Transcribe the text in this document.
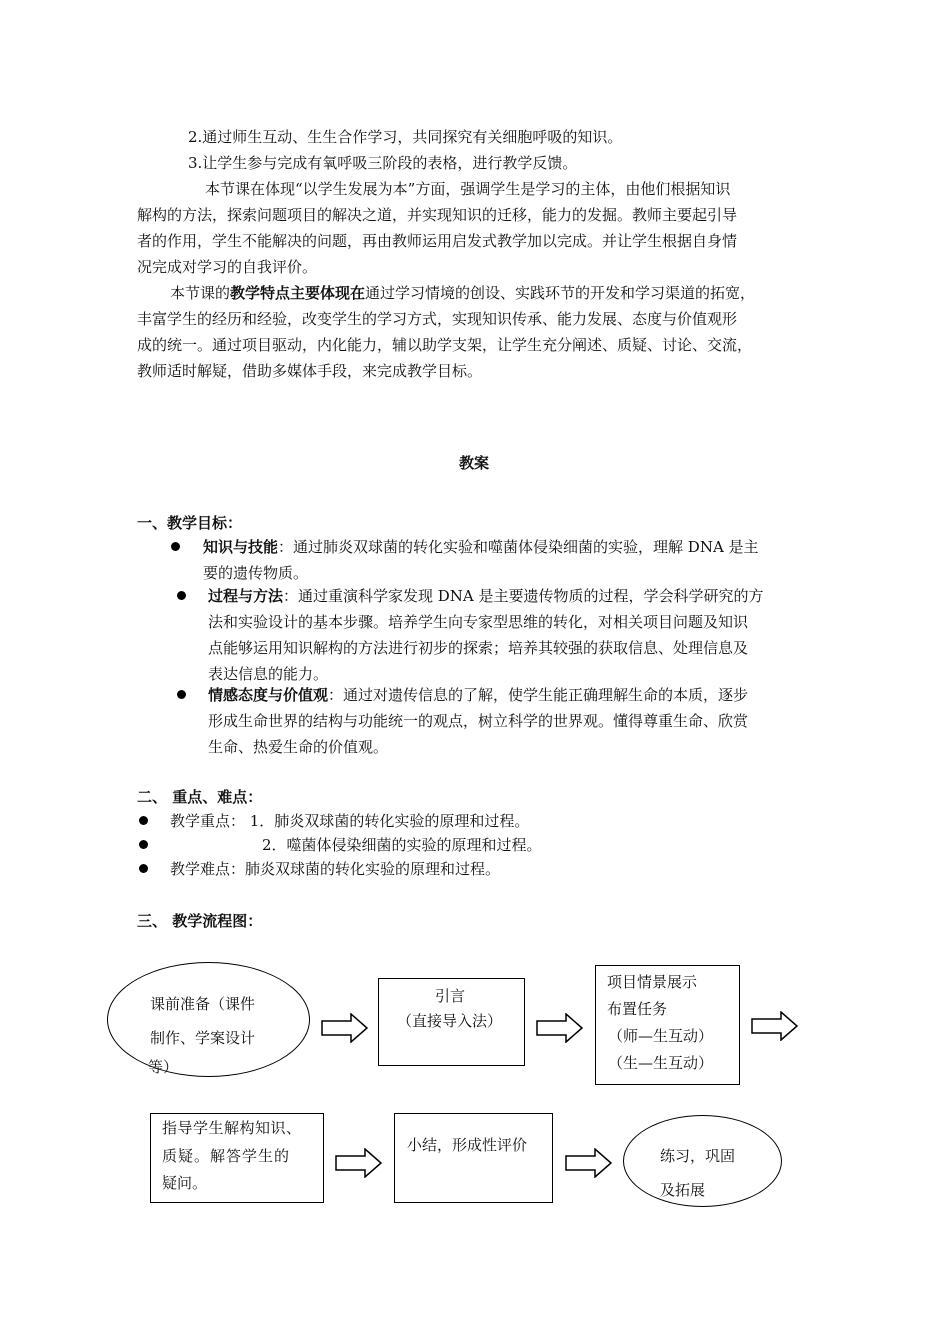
2.通过师生互动、生生合作学习，共同探究有关细胞呼吸的知识。
3.让学生参与完成有氧呼吸三阶段的表格，进行教学反馈。
本节课在体现“以学生发展为本”方面，强调学生是学习的主体，由他们根据知识
解构的方法，探索问题项目的解决之道，并实现知识的迁移，能力的发掘。教师主要起引导
者的作用，学生不能解决的问题，再由教师运用启发式教学加以完成。并让学生根据自身情
况完成对学习的自我评价。
本节课的教学特点主要体现在通过学习情境的创设、实践环节的开发和学习渠道的拓宽，
丰富学生的经历和经验，改变学生的学习方式，实现知识传承、能力发展、态度与价值观形
成的统一。通过项目驱动，内化能力，辅以助学支架，让学生充分阐述、质疑、讨论、交流，
教师适时解疑，借助多媒体手段，来完成教学目标。
教案
一、教学目标：
知识与技能：通过肺炎双球菌的转化实验和噬菌体侵染细菌的实验，理解 DNA 是主
要的遗传物质。
过程与方法：通过重演科学家发现 DNA 是主要遗传物质的过程，学会科学研究的方
法和实验设计的基本步骤。培养学生向专家型思维的转化，对相关项目问题及知识
点能够运用知识解构的方法进行初步的探索；培养其较强的获取信息、处理信息及
表达信息的能力。
情感态度与价值观：通过对遗传信息的了解，使学生能正确理解生命的本质，逐步
形成生命世界的结构与功能统一的观点，树立科学的世界观。懂得尊重生命、欣赏
生命、热爱生命的价值观。
二、 重点、难点：
教学重点： 1．肺炎双球菌的转化实验的原理和过程。
2．噬菌体侵染细菌的实验的原理和过程。
教学难点：肺炎双球菌的转化实验的原理和过程。
三、 教学流程图：
课前准备（课件
制作、学案设计
等）
引言
（直接导入法）
项目情景展示
布置任务
（师—生互动）
（生—生互动）
指导学生解构知识、
质疑。解答学生的
疑问。
小结，形成性评价
练习，巩固
及拓展
